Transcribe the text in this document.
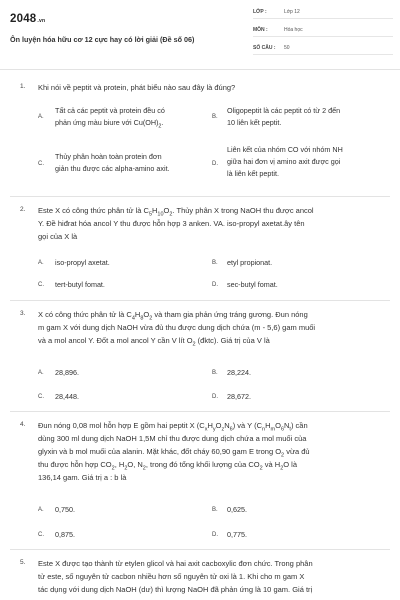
2048.vn
Ôn luyện hóa hữu cơ 12 cực hay có lời giải (Đề số 06)
LỚP :	Lớp 12
MÔN :	Hóa học
SỐ CÂU :	50
1. Khi nói về peptit và protein, phát biểu nào sau đây là đúng?
A.
Tất cả các peptit và protein đều có
phản ứng màu biure với $Cu(OH)_2$.
B.
Oligopeptit là các peptit có từ 2 đến
10 liên kết peptit.
C.
Thủy phân hoàn toàn protein đơn
giản thu được các alpha-amino axit.	D.
Liên kết của nhóm CO với nhóm NH
giữa hai đơn vị amino axit được gọi
là liên kết peptit.
2. Este X có công thức phân tử là $C_5H_{10}O_2$. Thủy phân X trong NaOH thu được ancol
Y. Đề hiđrat hóa ancol Y thu được hỗn hợp 3 anken. VA. iso-propyl axetat.ây tên
gọi của X là
A. iso-propyl axetat.	B. etyl propionat.
C. tert-butyl fomat.	D. sec-butyl fomat.
3. X có công thức phân tử là $C_4H_8O_2$ và tham gia phản ứng tráng gương. Đun nóng
m gam X với dung dịch NaOH vừa đủ thu được dung dịch chứa (m - 5,6) gam muối
và a mol ancol Y. Đốt a mol ancol Y cần V lít $O_2$ (đktc). Giá trị của V là
A. 28,896.	B. 28,224.
C. 28,448.	D. 28,672.
4. Đun nóng 0,08 mol hỗn hợp E gồm hai peptit X $(C_xH_yO_zN_6)$ và Y $(C_nH_mO_6N_t)$ cần
dùng 300 ml dung dịch NaOH 1,5M chỉ thu được dung dịch chứa a mol muối của
glyxin và b mol muối của alanin. Mặt khác, đốt cháy 60,90 gam E trong $O_2$ vừa đủ
thu được hỗn hợp $CO_2$, $H_2O$, $N_2$, trong đó tổng khối lượng của $CO_2$ và $H_2O$ là
136,14 gam. Giá trị a : b là
A. 0,750.	B. 0,625.
C. 0,875.	D. 0,775.
5. Este X được tạo thành từ etylen glicol và hai axit cacboxylic đơn chức. Trong phân
tử este, số nguyên tử cacbon nhiều hơn số nguyên tử oxi là 1. Khi cho m gam X
tác dụng với dung dịch NaOH (dư) thì lượng NaOH đã phản ứng là 10 gam. Giá trị
